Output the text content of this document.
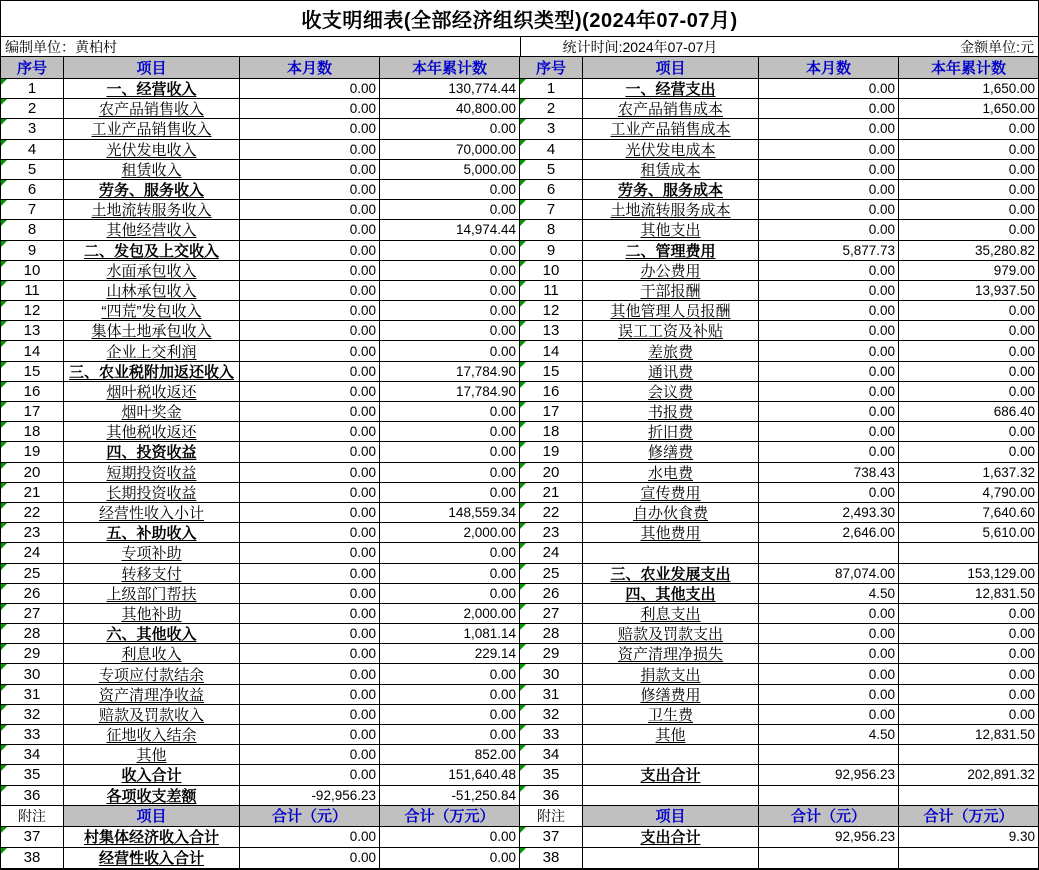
收支明细表(全部经济组织类型)(2024年07-07月)
编制单位：黄柏村	统计时间:2024年07-07月	金额单位:元
序号	项目	本月数	本年累计数	序号	项目	本月数	本年累计数
1	一、经营收入	0.00	130,774.44 1	一、经营支出	0.00	1,650.00
2	农产品销售收入	0.00	40,800.00 2	农产品销售成本	0.00	1,650.00
3	工业产品销售收入	0.00	0.00 3	工业产品销售成本	0.00	0.00
4	光伏发电收入	0.00	70,000.00 4	光伏发电成本	0.00	0.00
5	租赁收入	0.00	5,000.00 5	租赁成本	0.00	0.00
6	劳务、服务收入	0.00	0.00 6	劳务、服务成本	0.00	0.00
7	土地流转服务收入	0.00	0.00 7	土地流转服务成本	0.00	0.00
8	其他经营收入	0.00	14,974.44 8	其他支出	0.00	0.00
9	二、发包及上交收入	0.00	0.00 9	二、管理费用	5,877.73	35,280.82
10	水面承包收入	0.00	0.00 10	办公费用	0.00	979.00
11	山林承包收入	0.00	0.00 11	干部报酬	0.00	13,937.50
12	“四荒”发包收入	0.00	0.00 12	其他管理人员报酬	0.00	0.00
13	集体土地承包收入	0.00	0.00 13	误工工资及补贴	0.00	0.00
14	企业上交利润	0.00	0.00 14	差旅费	0.00	0.00
15 三、农业税附加返还收入	0.00	17,784.90 15	通讯费	0.00	0.00
16	烟叶税收返还	0.00	17,784.90 16	会议费	0.00	0.00
17	烟叶奖金	0.00	0.00 17	书报费	0.00	686.40
18	其他税收返还	0.00	0.00 18	折旧费	0.00	0.00
19	四、投资收益	0.00	0.00 19	修缮费	0.00	0.00
20	短期投资收益	0.00	0.00 20	水电费	738.43	1,637.32
21	长期投资收益	0.00	0.00 21	宣传费用	0.00	4,790.00
22	经营性收入小计	0.00	148,559.34 22	自办伙食费	2,493.30	7,640.60
23	五、补助收入	0.00	2,000.00 23	其他费用	2,646.00	5,610.00
24	专项补助	0.00	0.00 24
25	转移支付	0.00	0.00 25	三、农业发展支出	87,074.00	153,129.00
26	上级部门帮扶	0.00	0.00 26	四、其他支出	4.50	12,831.50
27	其他补助	0.00	2,000.00 27	利息支出	0.00	0.00
28	六、其他收入	0.00	1,081.14 28	赔款及罚款支出	0.00	0.00
29	利息收入	0.00	229.14 29	资产清理净损失	0.00	0.00
30	专项应付款结余	0.00	0.00 30	捐款支出	0.00	0.00
31	资产清理净收益	0.00	0.00 31	修缮费用	0.00	0.00
32	赔款及罚款收入	0.00	0.00 32	卫生费	0.00	0.00
33	征地收入结余	0.00	0.00 33	其他	4.50	12,831.50
34	其他	0.00	852.00 34
35	收入合计	0.00	151,640.48 35	支出合计	92,956.23	202,891.32
36	各项收支差额	-92,956.23	-51,250.84 36
附注	项目	合计（元）	合计（万元）	附注	项目	合计（元）	合计（万元）
37	村集体经济收入合计	0.00	0.00 37	支出合计	92,956.23	9.30
38	经营性收入合计	0.00	0.00 38
